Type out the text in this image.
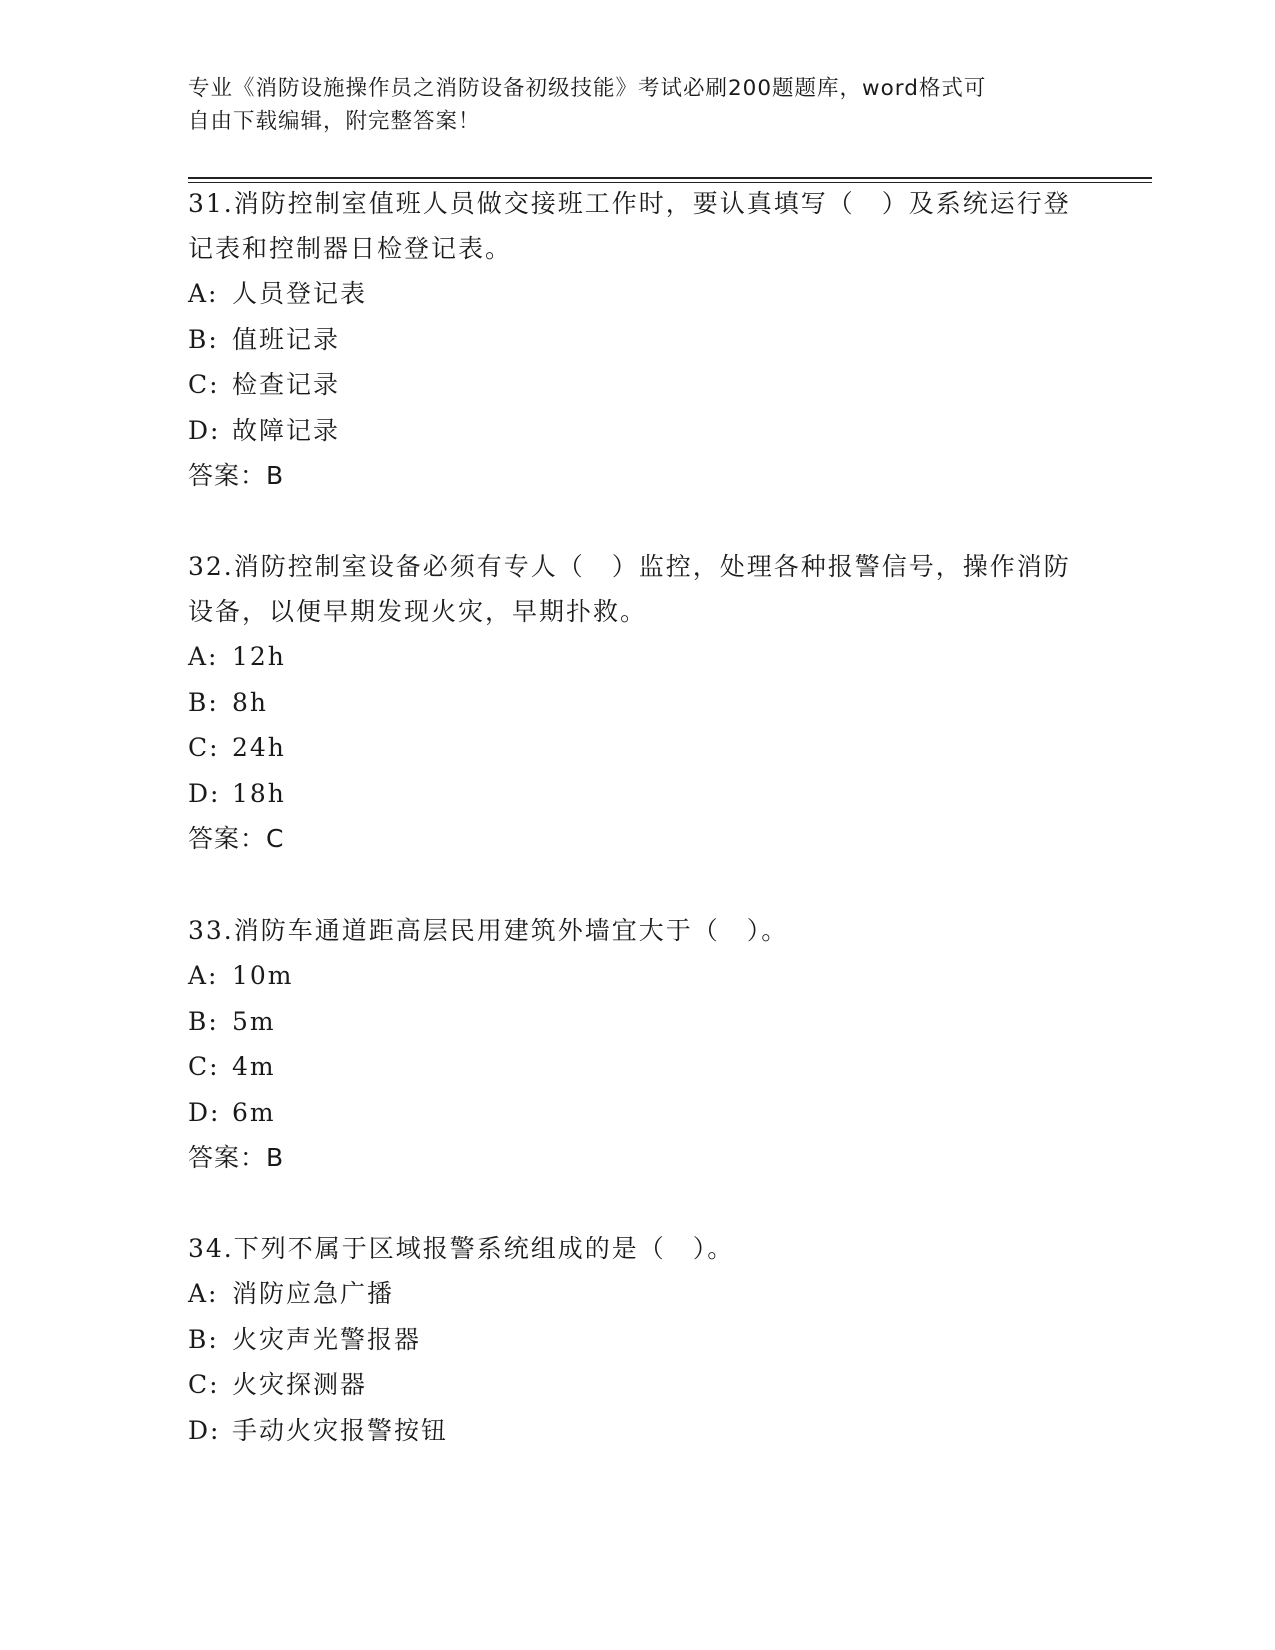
专业《消防设施操作员之消防设备初级技能》考试必刷200题题库，word格式可
自由下载编辑，附完整答案！

31.消防控制室值班人员做交接班工作时，要认真填写（　）及系统运行登记表和控制器日检登记表。

A: 人员登记表
B: 值班记录
C: 检查记录
D: 故障记录

答案：B

32.消防控制室设备必须有专人（　）监控，处理各种报警信号，操作消防设备，以便早期发现火灾，早期扑救。

A: 12h
B: 8h
C: 24h
D: 18h

答案：C

33.消防车通道距高层民用建筑外墙宜大于（　）。

A: 10m
B: 5m
C: 4m
D: 6m

答案：B

34.下列不属于区域报警系统组成的是（　）。

A: 消防应急广播
B: 火灾声光警报器
C: 火灾探测器
D: 手动火灾报警按钮
